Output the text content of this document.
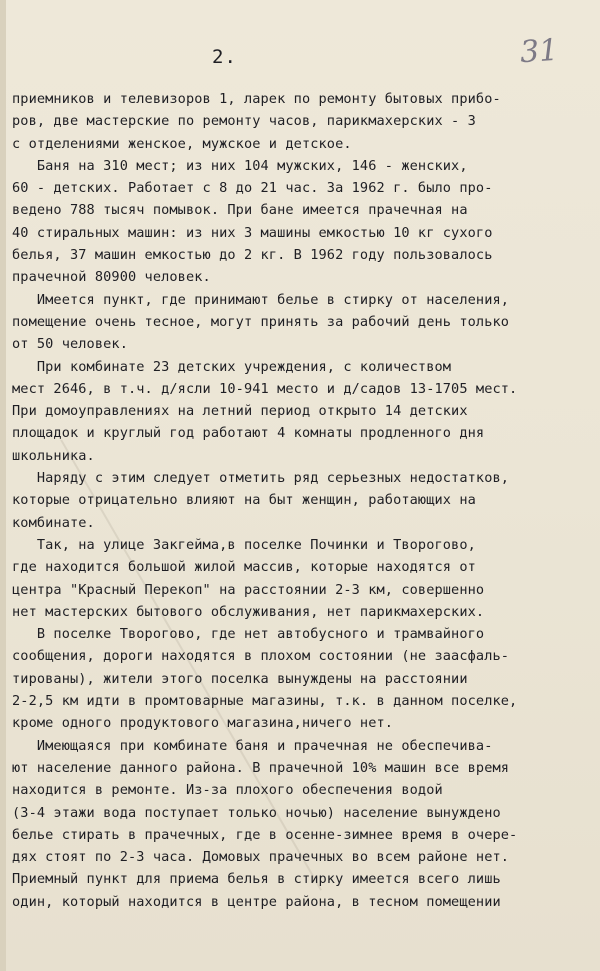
2.	31
приемников и телевизоров 1, ларек по ремонту бытовых прибо-
ров, две мастерские по ремонту часов, парикмахерских - 3
с отделениями женское, мужское и детское.
Баня на 310 мест; из них 104 мужских, 146 - женских,
60 - детских. Работает с 8 до 21 час. За 1962 г. было про-
ведено 788 тысяч помывок. При бане имеется прачечная на
40 стиральных машин: из них 3 машины емкостью 10 кг сухого
белья, 37 машин емкостью до 2 кг. В 1962 году пользовалось
прачечной 80900 человек.
Имеется пункт, где принимают белье в стирку от населения,
помещение очень тесное, могут принять за рабочий день только
от 50 человек.
При комбинате 23 детских учреждения, с количеством
мест 2646, в т.ч. д/ясли 10-941 место и д/садов 13-1705 мест.
При домоуправлениях на летний период открыто 14 детских
площадок и круглый год работают 4 комнаты продленного дня
школьника.
Наряду с этим следует отметить ряд серьезных недостатков,
которые отрицательно влияют на быт женщин, работающих на
комбинате.
Так, на улице Закгейма,в поселке Починки и Творогово,
где находится большой жилой массив, которые находятся от
центра "Красный Перекоп" на расстоянии 2-3 км, совершенно
нет мастерских бытового обслуживания, нет парикмахерских.
В поселке Творогово, где нет автобусного и трамвайного
сообщения, дороги находятся в плохом состоянии (не заасфаль-
тированы), жители этого поселка вынуждены на расстоянии
2-2,5 км идти в промтоварные магазины, т.к. в данном поселке,
кроме одного продуктового магазина,ничего нет.
Имеющаяся при комбинате баня и прачечная не обеспечива-
ют население данного района. В прачечной 10% машин все время
находится в ремонте. Из-за плохого обеспечения водой
(3-4 этажи вода поступает только ночью) население вынуждено
белье стирать в прачечных, где в осенне-зимнее время в очере-
дях стоят по 2-3 часа. Домовых прачечных во всем районе нет.
Приемный пункт для приема белья в стирку имеется всего лишь
один, который находится в центре района, в тесном помещении
